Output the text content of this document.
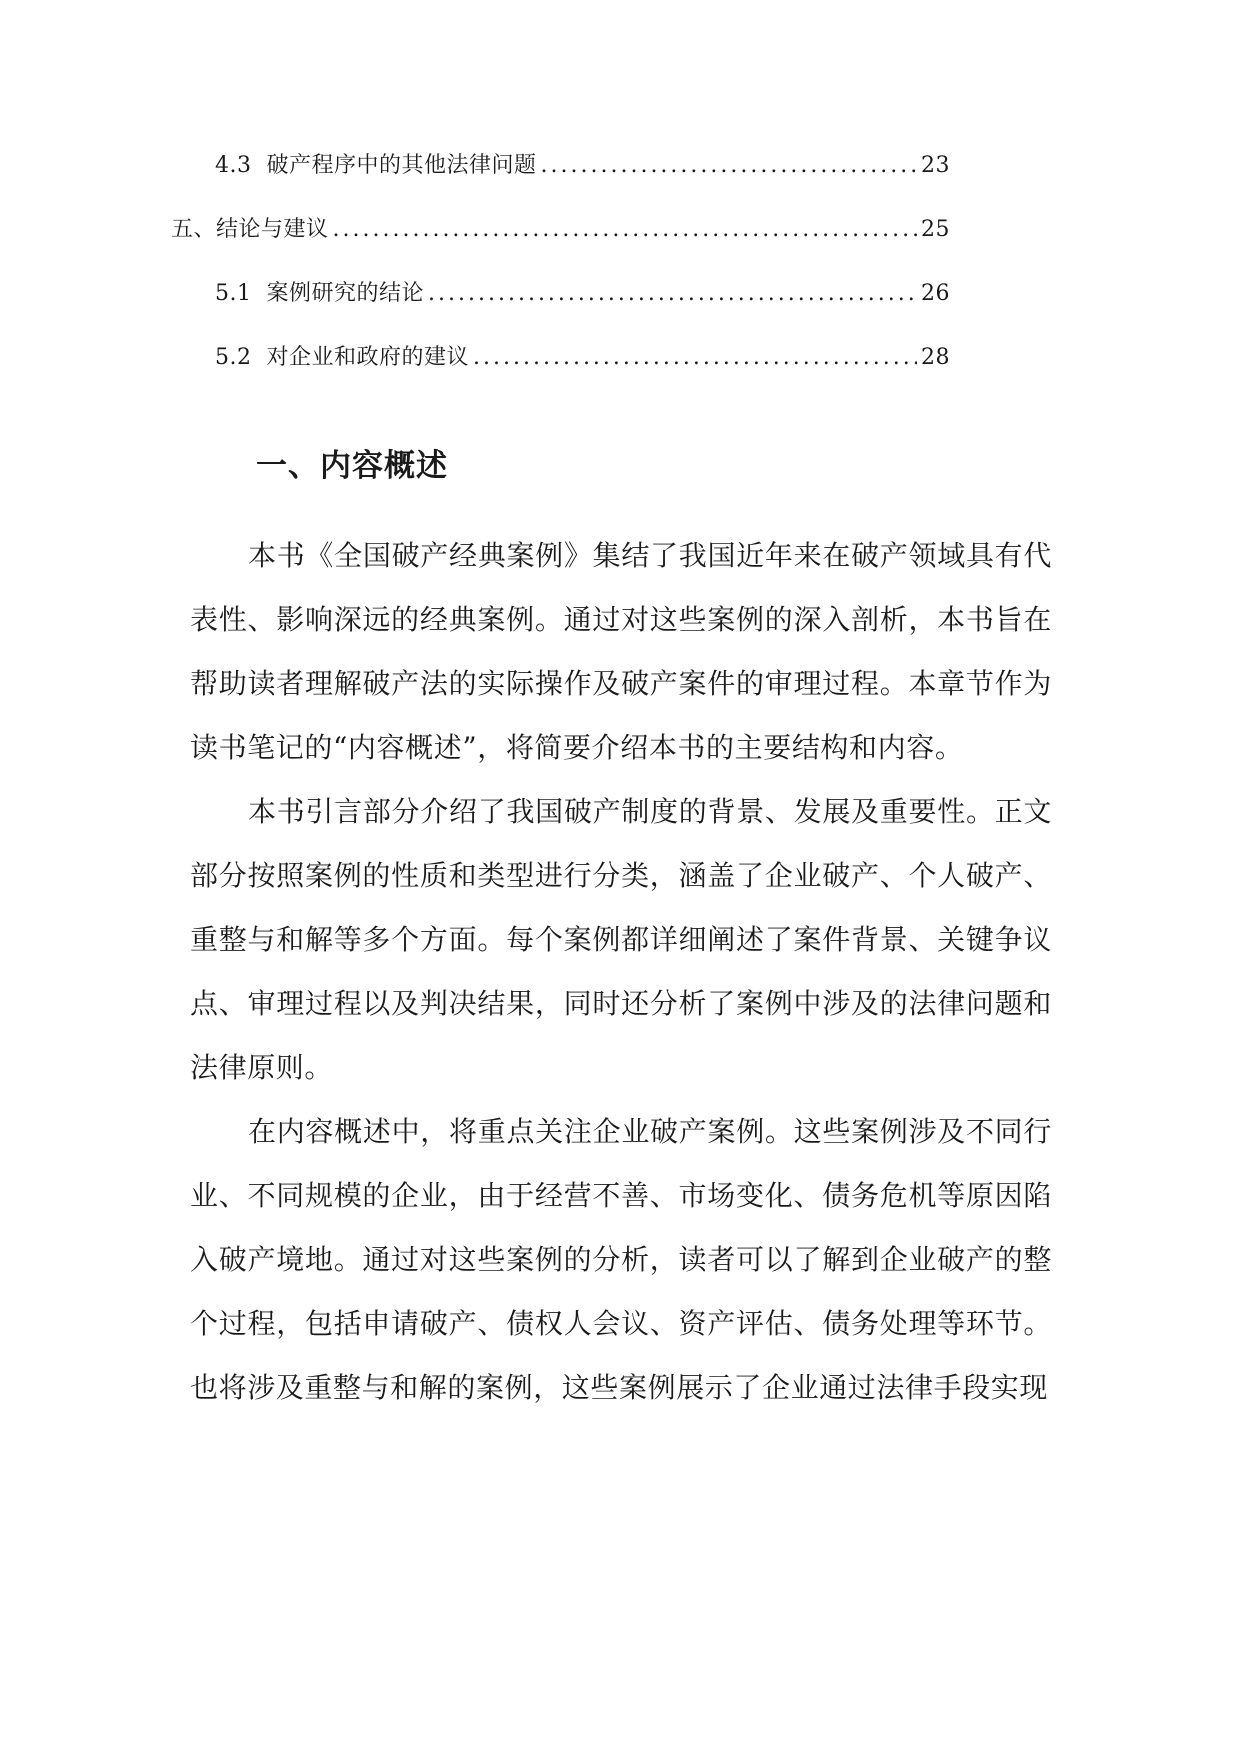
4.3 破产程序中的其他法律问题 .....	23
五、结论与建议 .....	25
5.1 案例研究的结论 .....	26
5.2 对企业和政府的建议 .....	28
一、内容概述

本书《全国破产经典案例》集结了我国近年来在破产领域具有代表性、影响深远的经典案例。通过对这些案例的深入剖析，本书旨在帮助读者理解破产法的实际操作及破产案件的审理过程。本章节作为读书笔记的“内容概述”，将简要介绍本书的主要结构和内容。

本书引言部分介绍了我国破产制度的背景、发展及重要性。正文部分按照案例的性质和类型进行分类，涵盖了企业破产、个人破产、重整与和解等多个方面。每个案例都详细阐述了案件背景、关键争议点、审理过程以及判决结果，同时还分析了案例中涉及的法律问题和法律原则。

在内容概述中，将重点关注企业破产案例。这些案例涉及不同行业、不同规模的企业，由于经营不善、市场变化、债务危机等原因陷入破产境地。通过对这些案例的分析，读者可以了解到企业破产的整个过程，包括申请破产、债权人会议、资产评估、债务处理等环节。也将涉及重整与和解的案例，这些案例展示了企业通过法律手段实现
